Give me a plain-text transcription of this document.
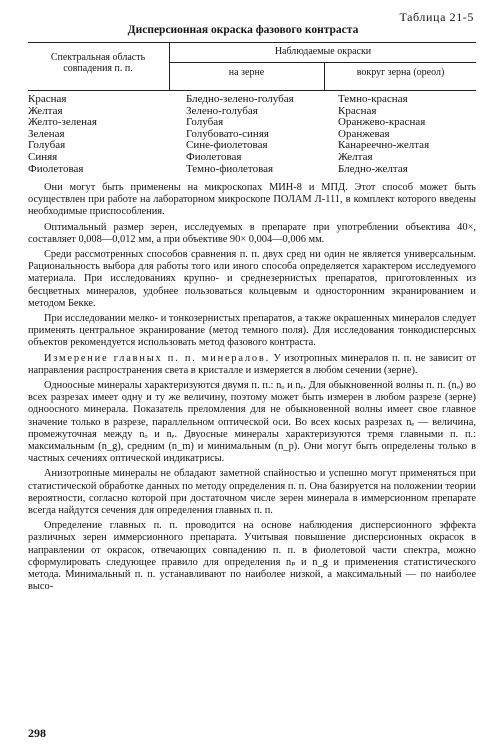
Таблица 21-5
Дисперсионная окраска фазового контраста
Спектральная область совпадения п. п.
Наблюдаемые окраски
на зерне	вокруг зерна (ореол)
Красная	Бледно-зелено-голубая	Темно-красная
Желтая	Зелено-голубая	Красная
Желто-зеленая	Голубая	Оранжево-красная
Зеленая	Голубовато-синяя	Оранжевая
Голубая	Сине-фиолетовая	Канареечно-желтая
Синяя	Фиолетовая	Желтая
Фиолетовая	Темно-фиолетовая	Бледно-желтая

Они могут быть применены на микроскопах МИН-8 и МПД. Этот способ может быть осуществлен при работе на лабораторном микроскопе ПОЛАМ Л-111, в комплект которого введены необходимые приспособления.

Оптимальный размер зерен, исследуемых в препарате при употреблении объектива 40×, составляет 0,008—0,012 мм, а при объективе 90× 0,004—0,006 мм.

Среди рассмотренных способов сравнения п. п. двух сред ни один не является универсальным. Рациональность выбора для работы того или иного способа определяется характером исследуемого материала. При исследованиях крупно- и среднезернистых препаратов, приготовленных из бесцветных минералов, удобнее пользоваться кольцевым и односторонним экранированием и методом Бекке.

При исследовании мелко- и тонкозернистых препаратов, а также окрашенных минералов следует применять центральное экранирование (метод темного поля). Для исследования тонкодисперсных объектов рекомендуется использовать метод фазового контраста.

Измерение главных п. п. минералов. У изотропных минералов п. п. не зависит от направления распространения света в кристалле и измеряется в любом сечении (зерне).

Одноосные минералы характеризуются двумя п. п.: nₒ и nₑ. Для обыкновенной волны п. п. (nₒ) во всех разрезах имеет одну и ту же величину, поэтому может быть измерен в любом разрезе (зерне) одноосного минерала. Показатель преломления для не обыкновенной волны имеет свое главное значение только в разрезе, параллельном оптической оси. Во всех косых разрезах nₑ — величина, промежуточная между nₒ и nₑ. Двуосные минералы характеризуются тремя главными п. п.: максимальным (n_g), средним (n_m) и минимальным (n_p). Они могут быть определены только в частных сечениях оптической индикатрисы.

Анизотропные минералы не обладают заметной спайностью и успешно могут применяться при статистической обработке данных по методу определения п. п. Она базируется на положении теории вероятности, согласно которой при достаточном числе зерен минерала в иммерсионном препарате всегда найдутся сечения для определения главных п. п.

Определение главных п. п. проводится на основе наблюдения дисперсионного эффекта различных зерен иммерсионного препарата. Учитывая повышение дисперсионных окрасок в направлении от окрасок, отвечающих совпадению п. п. в фиолетовой части спектра, можно сформулировать следующее правило для определения nₚ и n_g и применения статистического метода. Минимальный п. п. устанавливают по наиболее низкой, а максимальный — по наиболее высо-

298
